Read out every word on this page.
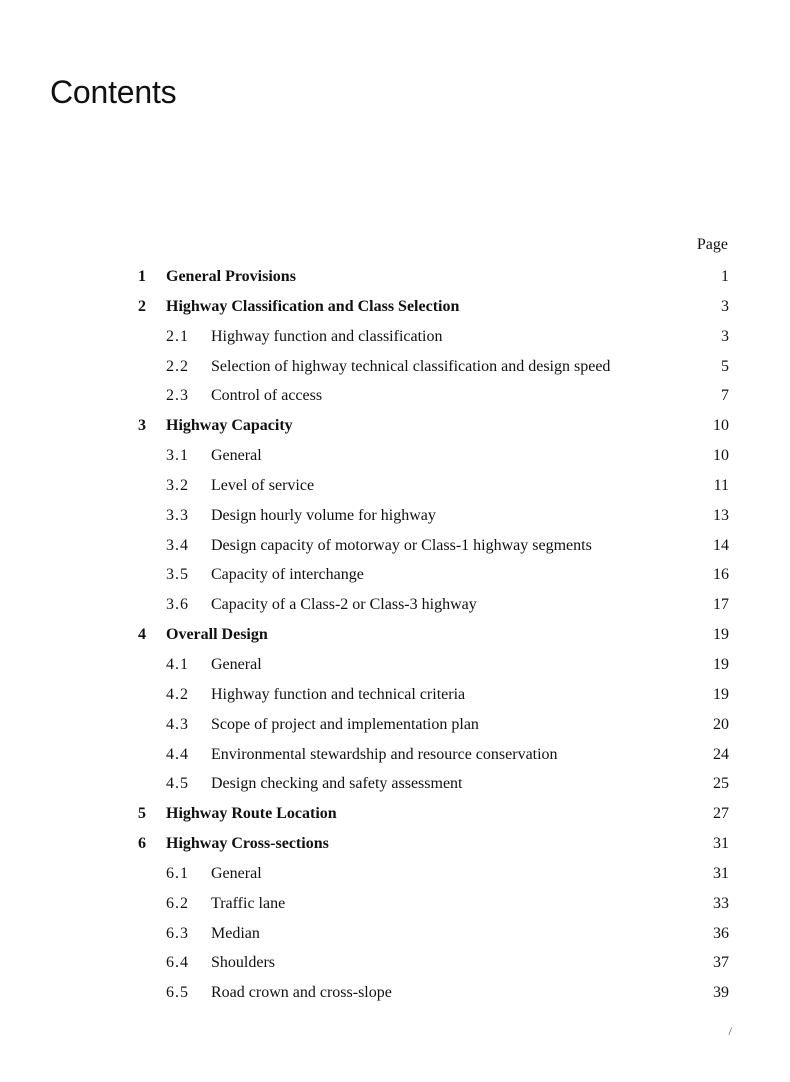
Contents
Page
1 General Provisions	1
2 Highway Classification and Class Selection	3
2.1 Highway function and classification	3
2.2 Selection of highway technical classification and design speed	5
2.3 Control of access	7
3 Highway Capacity	10
3.1 General	10
3.2 Level of service	11
3.3 Design hourly volume for highway	13
3.4 Design capacity of motorway or Class-1 highway segments	14
3.5 Capacity of interchange	16
3.6 Capacity of a Class-2 or Class-3 highway	17
4 Overall Design	19
4.1 General	19
4.2 Highway function and technical criteria	19
4.3 Scope of project and implementation plan	20
4.4 Environmental stewardship and resource conservation	24
4.5 Design checking and safety assessment	25
5 Highway Route Location	27
6 Highway Cross-sections	31
6.1 General	31
6.2 Traffic lane	33
6.3 Median	36
6.4 Shoulders	37
6.5 Road crown and cross-slope	39
/
